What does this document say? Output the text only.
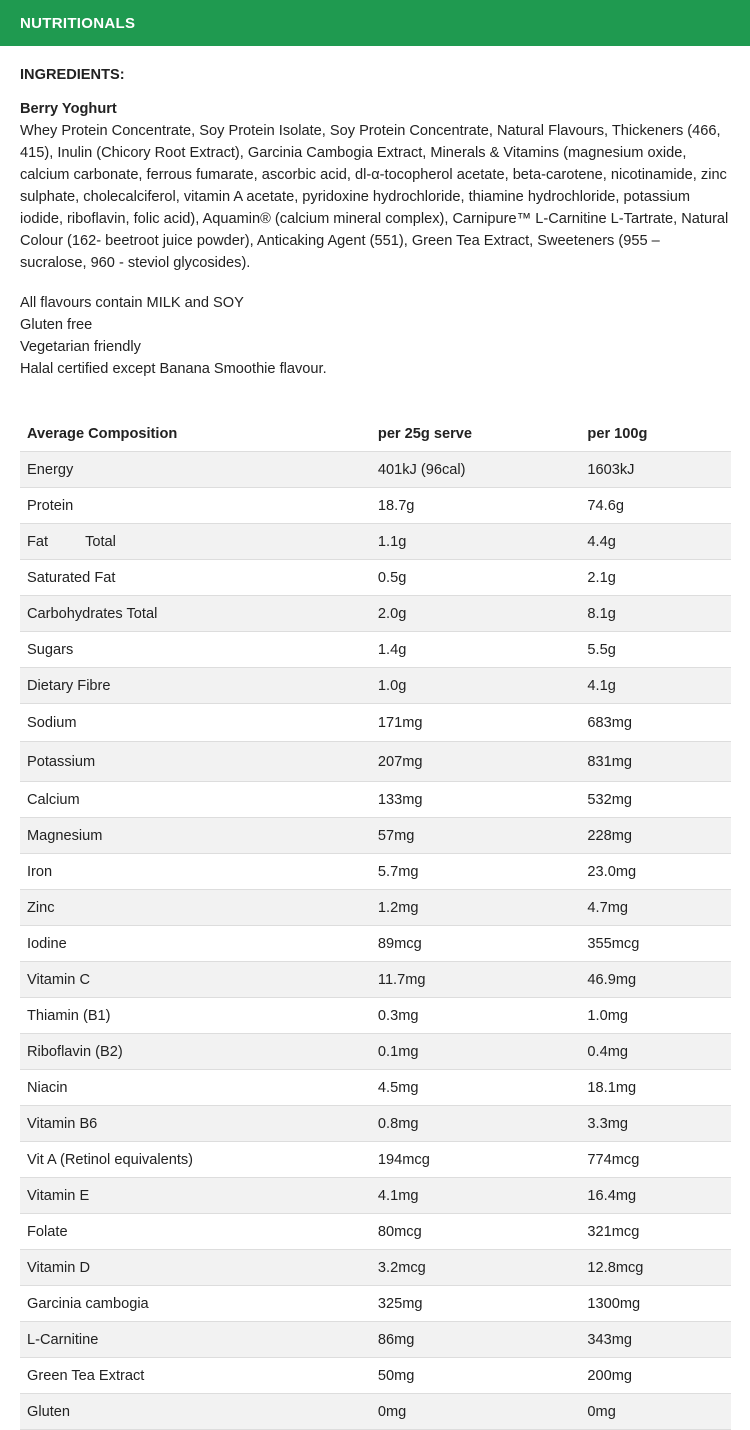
NUTRITIONALS
INGREDIENTS:
Berry Yoghurt
Whey Protein Concentrate, Soy Protein Isolate, Soy Protein Concentrate, Natural Flavours, Thickeners (466, 415), Inulin (Chicory Root Extract), Garcinia Cambogia Extract, Minerals & Vitamins (magnesium oxide, calcium carbonate, ferrous fumarate, ascorbic acid, dl-α-tocopherol acetate, beta-carotene, nicotinamide, zinc sulphate, cholecalciferol, vitamin A acetate, pyridoxine hydrochloride, thiamine hydrochloride, potassium iodide, riboflavin, folic acid), Aquamin® (calcium mineral complex), Carnipure™ L-Carnitine L-Tartrate, Natural Colour (162- beetroot juice powder), Anticaking Agent (551), Green Tea Extract, Sweeteners (955 – sucralose, 960 - steviol glycosides).
All flavours contain MILK and SOY
Gluten free
Vegetarian friendly
Halal certified except Banana Smoothie flavour.
Average Composition	per 25g serve	per 100g
Energy	401kJ (96cal)	1603kJ
Protein	18.7g	74.6g
Fat Total	1.1g	4.4g
Saturated Fat	0.5g	2.1g
Carbohydrates Total	2.0g	8.1g
Sugars	1.4g	5.5g
Dietary Fibre	1.0g	4.1g
Sodium	171mg	683mg
Potassium	207mg	831mg
Calcium	133mg	532mg
Magnesium	57mg	228mg
Iron	5.7mg	23.0mg
Zinc	1.2mg	4.7mg
Iodine	89mcg	355mcg
Vitamin C	11.7mg	46.9mg
Thiamin (B1)	0.3mg	1.0mg
Riboflavin (B2)	0.1mg	0.4mg
Niacin	4.5mg	18.1mg
Vitamin B6	0.8mg	3.3mg
Vit A (Retinol equivalents)	194mcg	774mcg
Vitamin E	4.1mg	16.4mg
Folate	80mcg	321mcg
Vitamin D	3.2mcg	12.8mcg
Garcinia cambogia	325mg	1300mg
L-Carnitine	86mg	343mg
Green Tea Extract	50mg	200mg
Gluten	0mg	0mg
